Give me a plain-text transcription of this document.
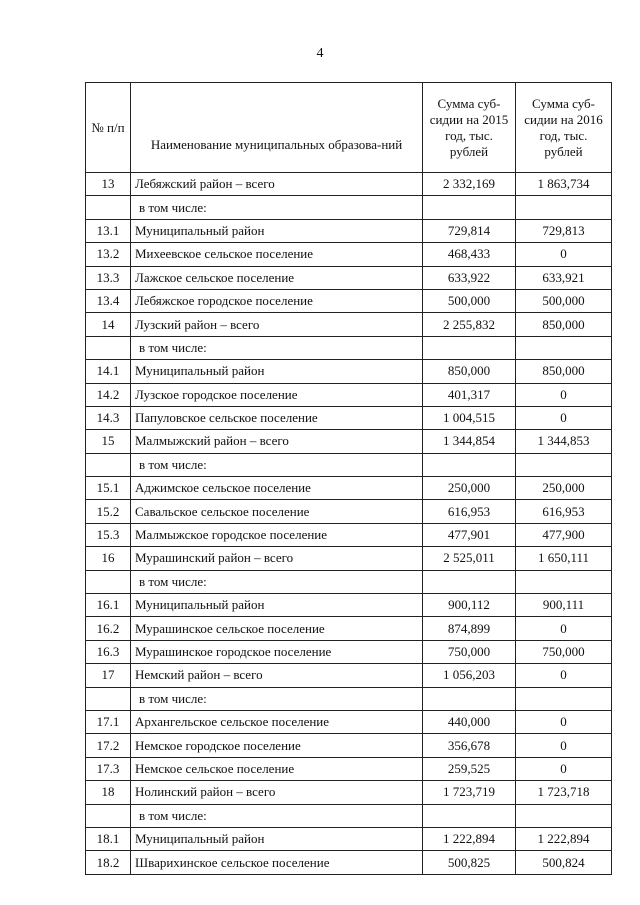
4
№ п/п	Наименование муниципальных образова-ний	Сумма суб-сидии на 2015 год, тыс. рублей	Сумма суб-сидии на 2016 год, тыс. рублей
13	Лебяжский район – всего	2 332,169	1 863,734
	в том числе:		
13.1	Муниципальный район	729,814	729,813
13.2	Михеевское сельское поселение	468,433	0
13.3	Лажское сельское поселение	633,922	633,921
13.4	Лебяжское городское поселение	500,000	500,000
14	Лузский район – всего	2 255,832	850,000
	в том числе:		
14.1	Муниципальный район	850,000	850,000
14.2	Лузское городское поселение	401,317	0
14.3	Папуловское сельское поселение	1 004,515	0
15	Малмыжский район – всего	1 344,854	1 344,853
	в том числе:		
15.1	Аджимское сельское поселение	250,000	250,000
15.2	Савальское сельское поселение	616,953	616,953
15.3	Малмыжское городское поселение	477,901	477,900
16	Мурашинский район – всего	2 525,011	1 650,111
	в том числе:		
16.1	Муниципальный район	900,112	900,111
16.2	Мурашинское сельское поселение	874,899	0
16.3	Мурашинское городское поселение	750,000	750,000
17	Немский район – всего	1 056,203	0
	в том числе:		
17.1	Архангельское сельское поселение	440,000	0
17.2	Немское городское поселение	356,678	0
17.3	Немское сельское поселение	259,525	0
18	Нолинский район – всего	1 723,719	1 723,718
	в том числе:		
18.1	Муниципальный район	1 222,894	1 222,894
18.2	Шварихинское сельское поселение	500,825	500,824
